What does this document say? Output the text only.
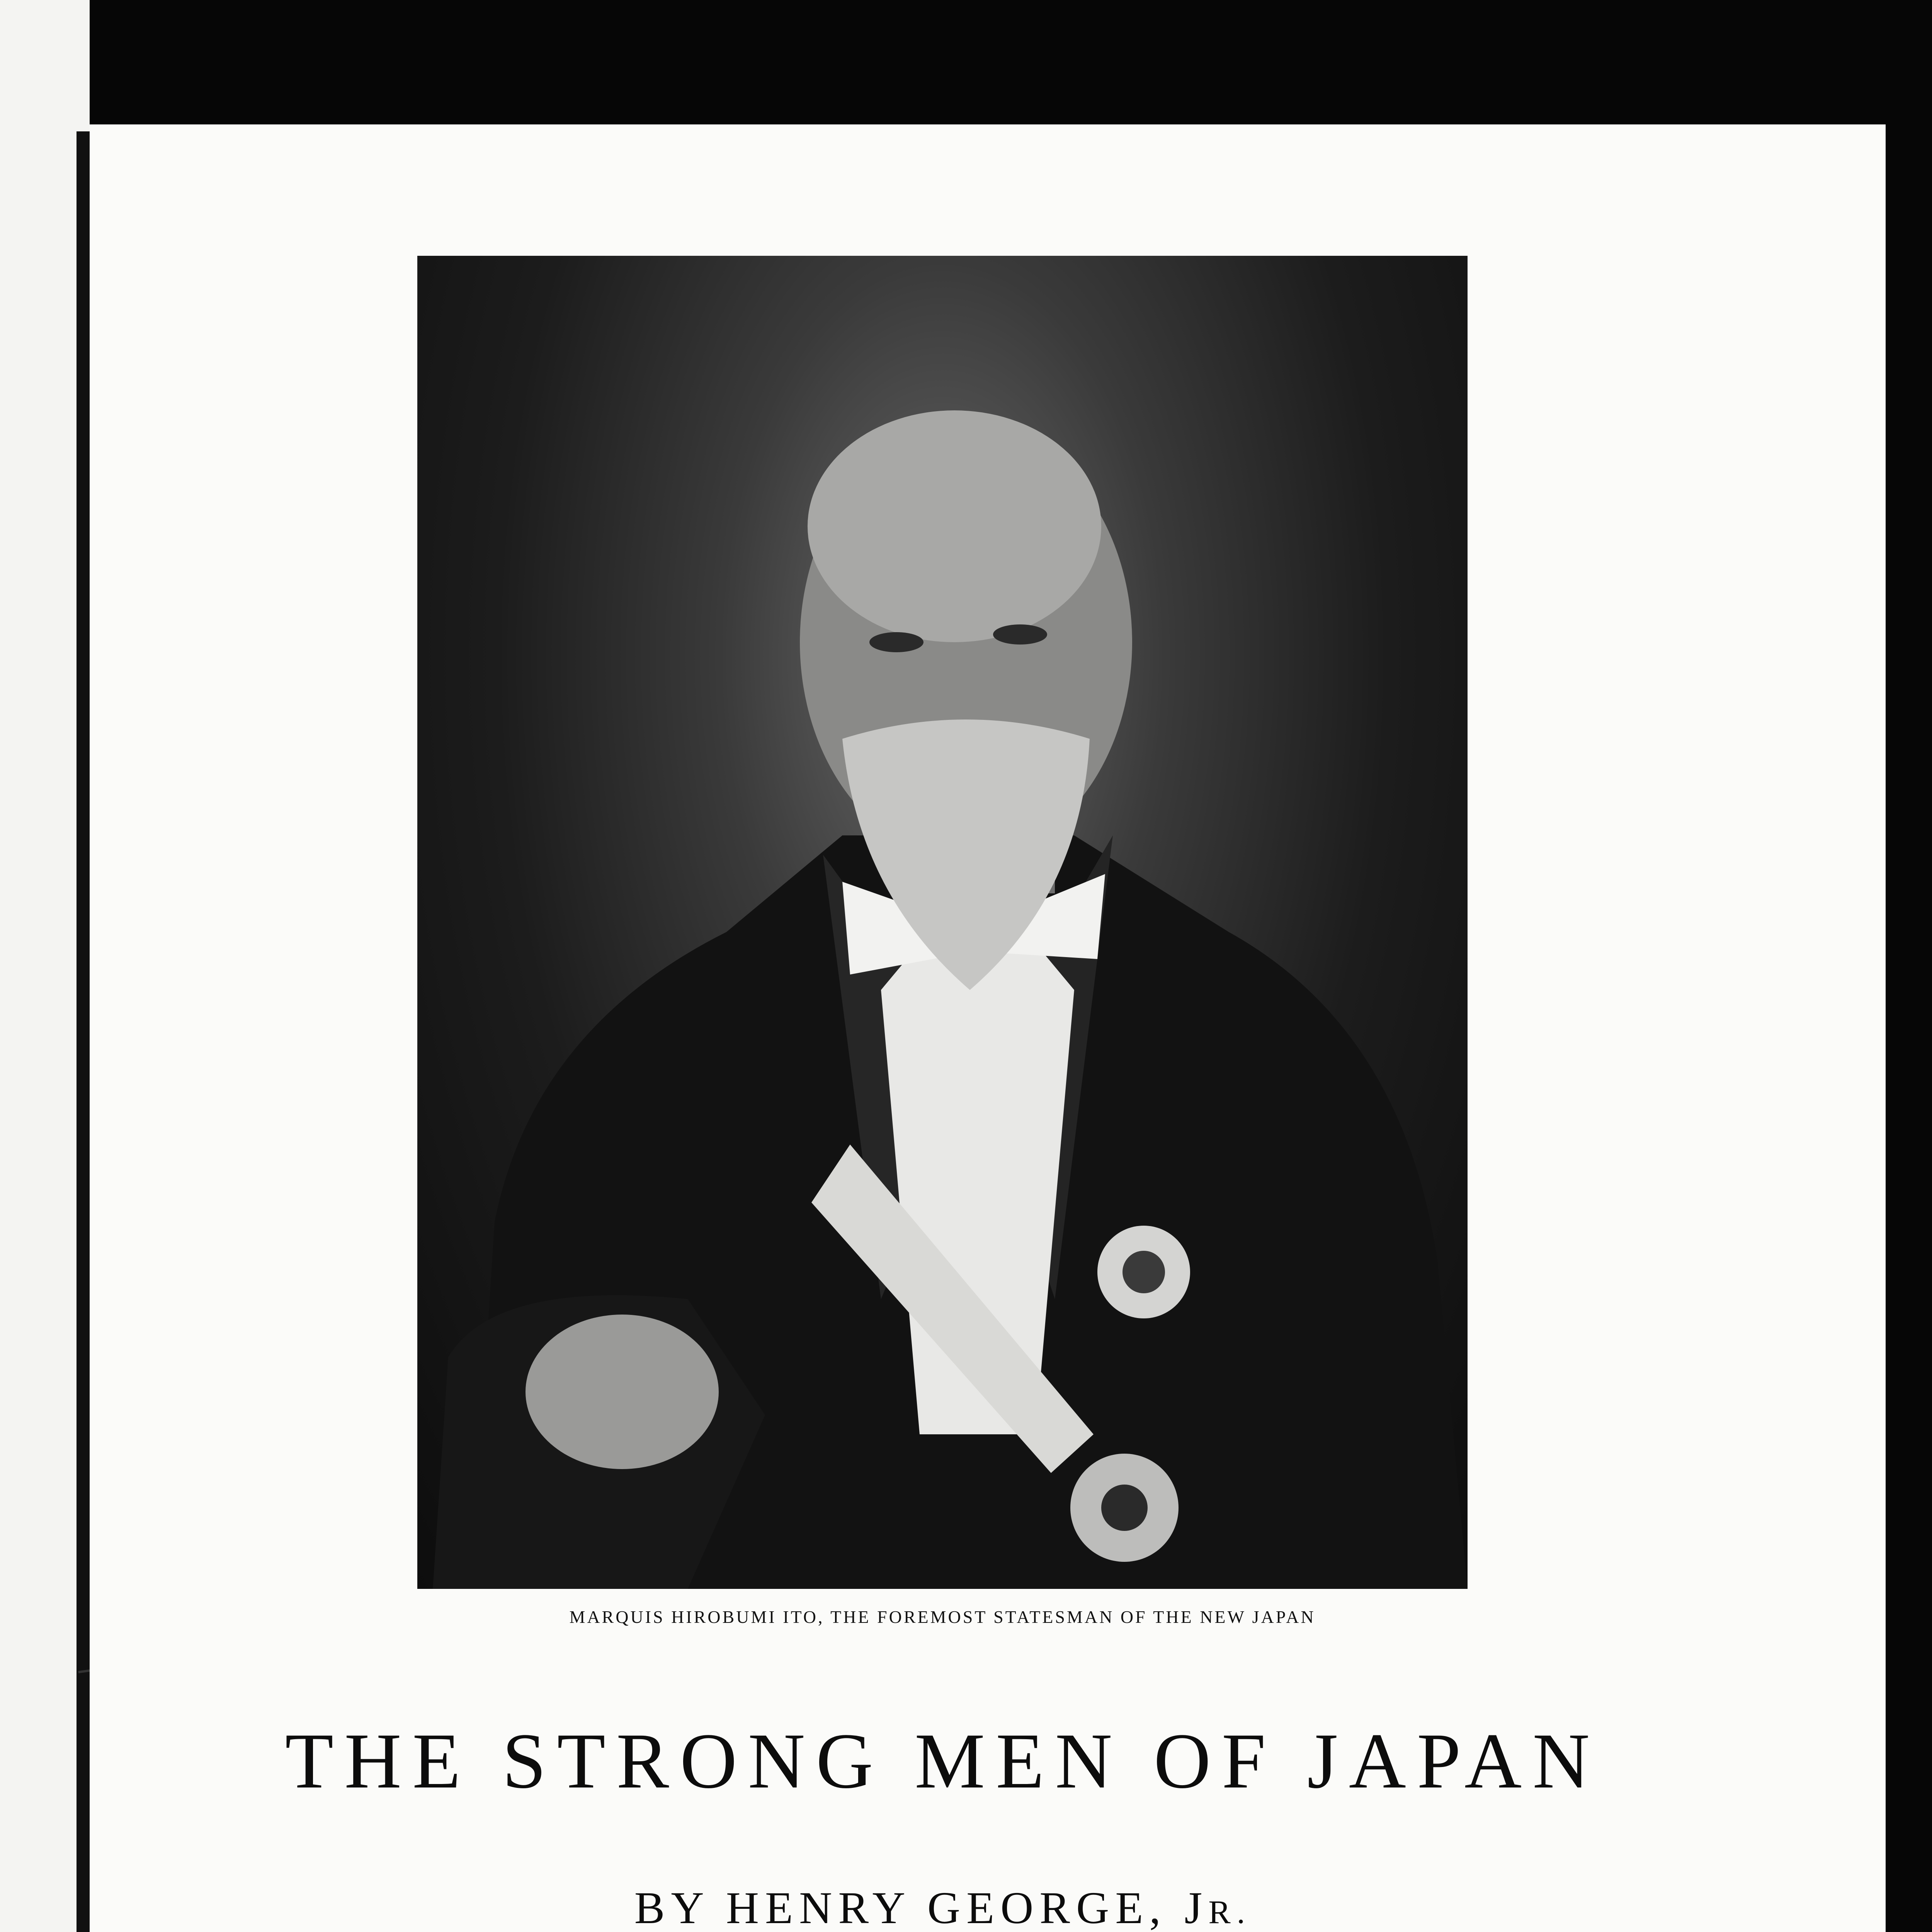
MARQUIS HIROBUMI ITO, THE FOREMOST STATESMAN OF THE NEW JAPAN
THE STRONG MEN OF JAPAN
BY HENRY GEORGE, JR.
